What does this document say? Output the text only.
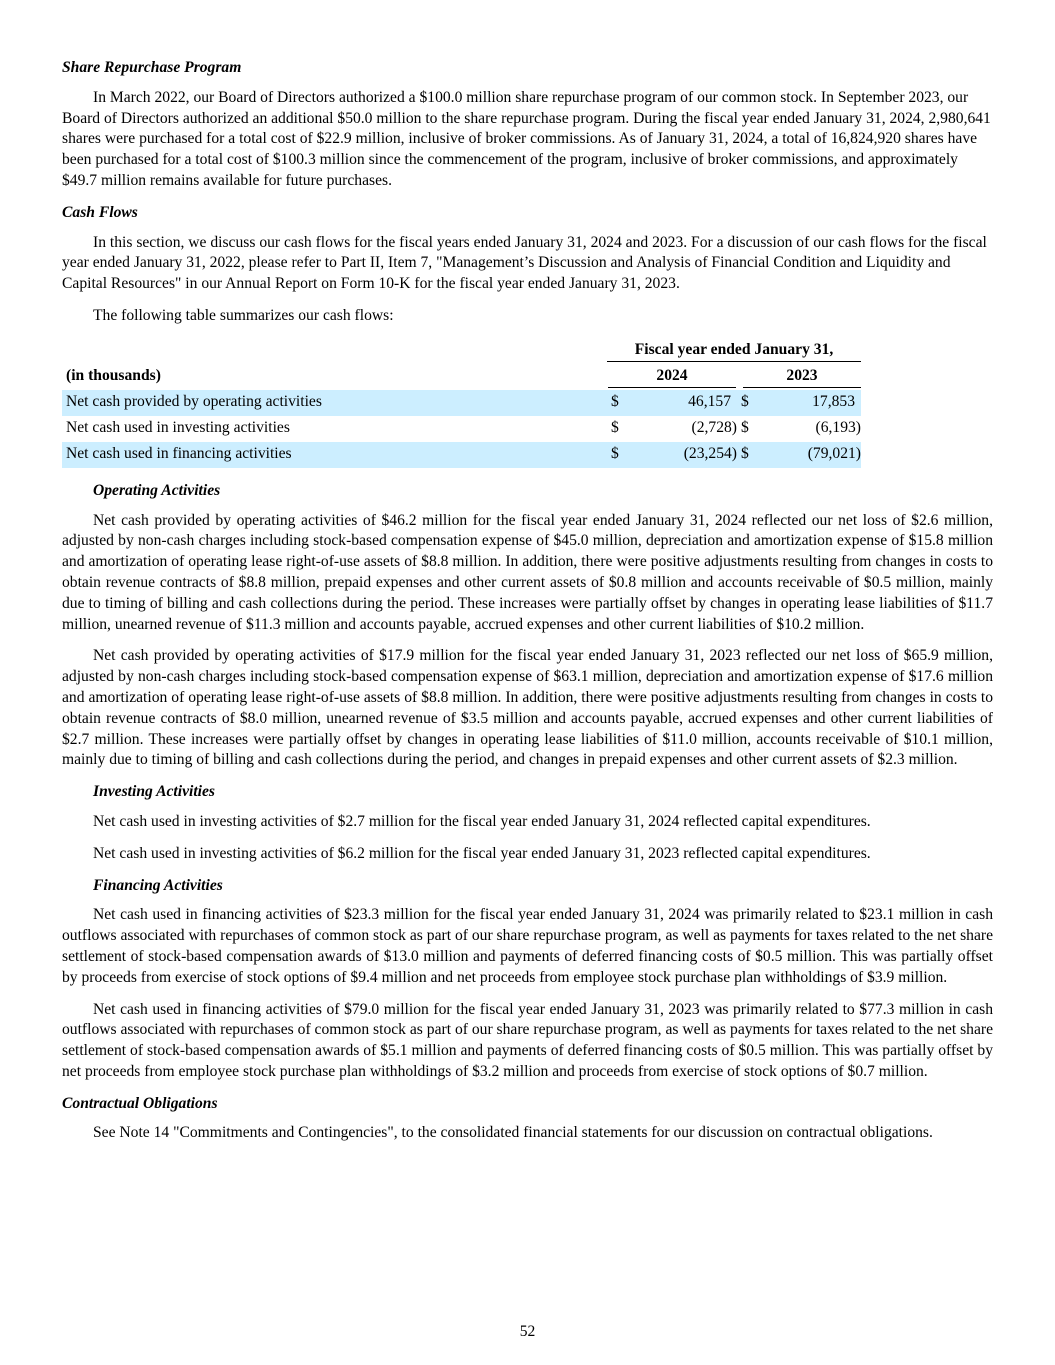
Share Repurchase Program

In March 2022, our Board of Directors authorized a $100.0 million share repurchase program of our common stock. In September 2023, our Board of Directors authorized an additional $50.0 million to the share repurchase program. During the fiscal year ended January 31, 2024, 2,980,641 shares were purchased for a total cost of $22.9 million, inclusive of broker commissions. As of January 31, 2024, a total of 16,824,920 shares have been purchased for a total cost of $100.3 million since the commencement of the program, inclusive of broker commissions, and approximately $49.7 million remains available for future purchases.

Cash Flows

In this section, we discuss our cash flows for the fiscal years ended January 31, 2024 and 2023. For a discussion of our cash flows for the fiscal year ended January 31, 2022, please refer to Part II, Item 7, "Management’s Discussion and Analysis of Financial Condition and Liquidity and Capital Resources" in our Annual Report on Form 10-K for the fiscal year ended January 31, 2023.

The following table summarizes our cash flows:

	Fiscal year ended January 31,	
(in thousands)	2024	2023
Net cash provided by operating activities	$ 46,157	$ 17,853

Net cash used in investing activities	$ (2,728)	$ (6,193)

Net cash used in financing activities	$ (23,254)	$ (79,021)
Operating Activities

Net cash provided by operating activities of $46.2 million for the fiscal year ended January 31, 2024 reflected our net loss of $2.6 million, adjusted by non-cash charges including stock-based compensation expense of $45.0 million, depreciation and amortization expense of $15.8 million and amortization of operating lease right-of-use assets of $8.8 million. In addition, there were positive adjustments resulting from changes in costs to obtain revenue contracts of $8.8 million, prepaid expenses and other current assets of $0.8 million and accounts receivable of $0.5 million, mainly due to timing of billing and cash collections during the period. These increases were partially offset by changes in operating lease liabilities of $11.7 million, unearned revenue of $11.3 million and accounts payable, accrued expenses and other current liabilities of $10.2 million.

Net cash provided by operating activities of $17.9 million for the fiscal year ended January 31, 2023 reflected our net loss of $65.9 million, adjusted by non-cash charges including stock-based compensation expense of $63.1 million, depreciation and amortization expense of $17.6 million and amortization of operating lease right-of-use assets of $8.8 million. In addition, there were positive adjustments resulting from changes in costs to obtain revenue contracts of $8.0 million, unearned revenue of $3.5 million and accounts payable, accrued expenses and other current liabilities of $2.7 million. These increases were partially offset by changes in operating lease liabilities of $11.0 million, accounts receivable of $10.1 million, mainly due to timing of billing and cash collections during the period, and changes in prepaid expenses and other current assets of $2.3 million.

Investing Activities

Net cash used in investing activities of $2.7 million for the fiscal year ended January 31, 2024 reflected capital expenditures.

Net cash used in investing activities of $6.2 million for the fiscal year ended January 31, 2023 reflected capital expenditures.

Financing Activities

Net cash used in financing activities of $23.3 million for the fiscal year ended January 31, 2024 was primarily related to $23.1 million in cash outflows associated with repurchases of common stock as part of our share repurchase program, as well as payments for taxes related to the net share settlement of stock-based compensation awards of $13.0 million and payments of deferred financing costs of $0.5 million. This was partially offset by proceeds from exercise of stock options of $9.4 million and net proceeds from employee stock purchase plan withholdings of $3.9 million.

Net cash used in financing activities of $79.0 million for the fiscal year ended January 31, 2023 was primarily related to $77.3 million in cash outflows associated with repurchases of common stock as part of our share repurchase program, as well as payments for taxes related to the net share settlement of stock-based compensation awards of $5.1 million and payments of deferred financing costs of $0.5 million. This was partially offset by net proceeds from employee stock purchase plan withholdings of $3.2 million and proceeds from exercise of stock options of $0.7 million.

Contractual Obligations

See Note 14 "Commitments and Contingencies", to the consolidated financial statements for our discussion on contractual obligations.

52
